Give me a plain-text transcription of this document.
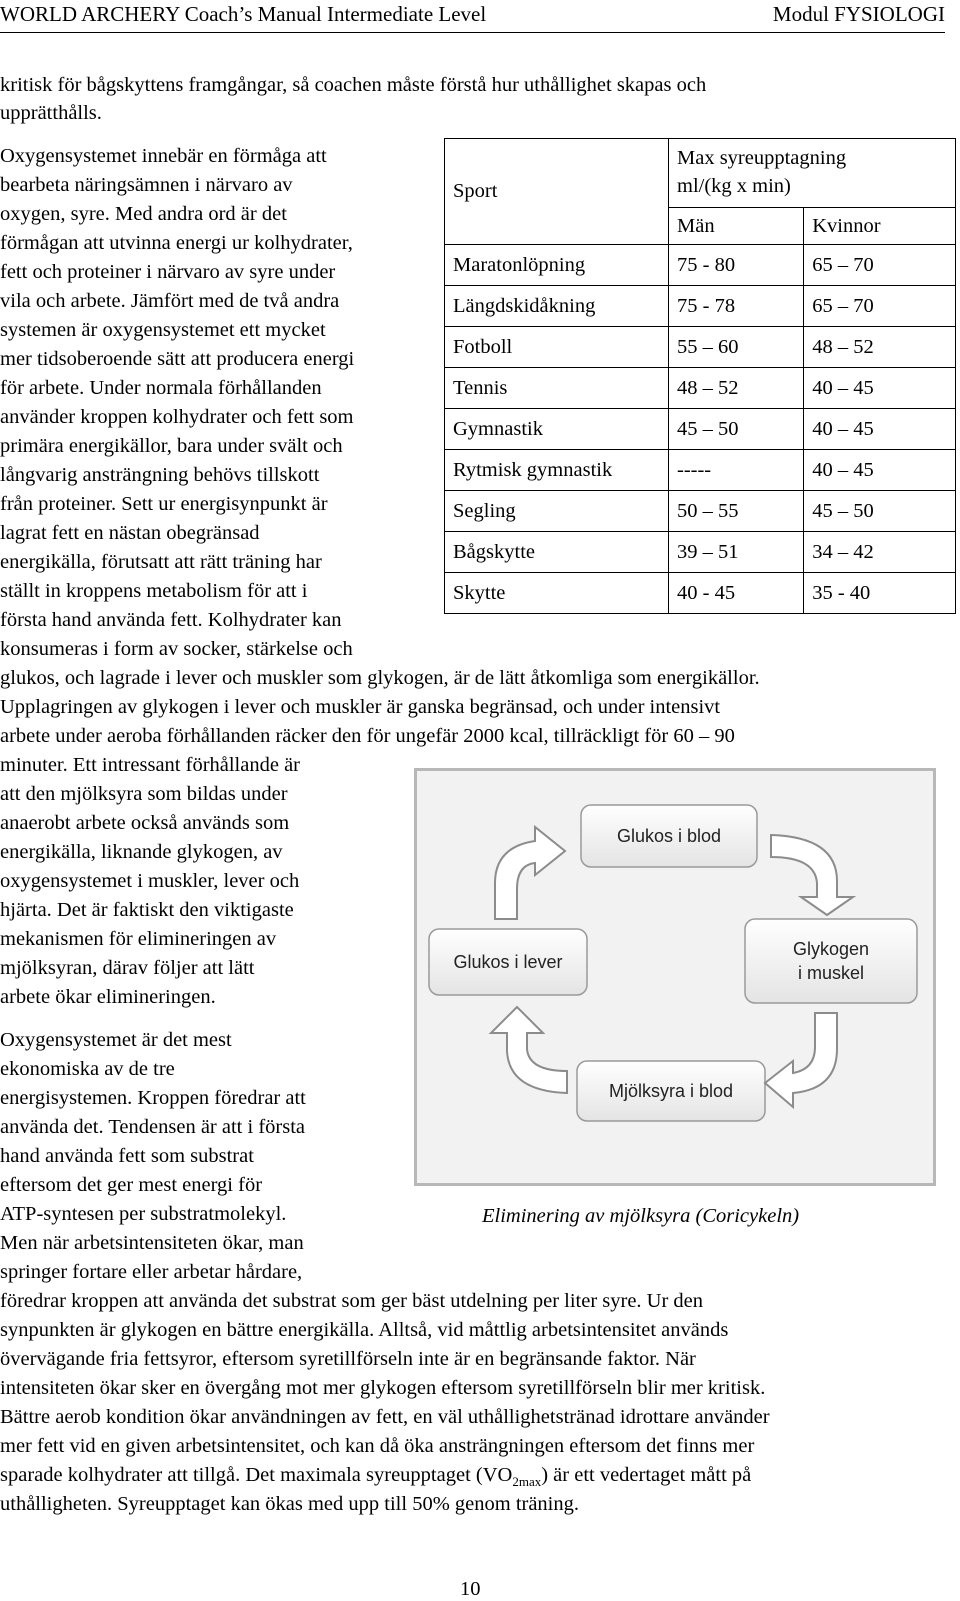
WORLD ARCHERY Coach’s Manual Intermediate Level	Modul FYSIOLOGI
kritisk för bågskyttens framgångar, så coachen måste förstå hur uthållighet skapas och
upprätthålls.
Oxygensystemet innebär en förmåga att
bearbeta näringsämnen i närvaro av
oxygen, syre. Med andra ord är det
förmågan att utvinna energi ur kolhydrater,
fett och proteiner i närvaro av syre under
vila och arbete. Jämfört med de två andra
systemen är oxygensystemet ett mycket
mer tidsoberoende sätt att producera energi
för arbete. Under normala förhållanden
använder kroppen kolhydrater och fett som
primära energikällor, bara under svält och
långvarig ansträngning behövs tillskott
från proteiner. Sett ur energisynpunkt är
lagrat fett en nästan obegränsad
energikälla, förutsatt att rätt träning har
ställt in kroppens metabolism för att i
första hand använda fett. Kolhydrater kan
konsumeras i form av socker, stärkelse och
glukos, och lagrade i lever och muskler som glykogen, är de lätt åtkomliga som energikällor.
Upplagringen av glykogen i lever och muskler är ganska begränsad, och under intensivt
arbete under aeroba förhållanden räcker den för ungefär 2000 kcal, tillräckligt för 60 – 90
minuter. Ett intressant förhållande är
att den mjölksyra som bildas under
anaerobt arbete också används som
energikälla, liknande glykogen, av
oxygensystemet i muskler, lever och
hjärta. Det är faktiskt den viktigaste
mekanismen för elimineringen av
mjölksyran, därav följer att lätt
arbete ökar elimineringen.
Oxygensystemet är det mest
ekonomiska av de tre
energisystemen. Kroppen föredrar att
använda det. Tendensen är att i första
hand använda fett som substrat
eftersom det ger mest energi för
ATP-syntesen per substratmolekyl.
Men när arbetsintensiteten ökar, man
springer fortare eller arbetar hårdare,
föredrar kroppen att använda det substrat som ger bäst utdelning per liter syre. Ur den
synpunkten är glykogen en bättre energikälla. Alltså, vid måttlig arbetsintensitet används
övervägande fria fettsyror, eftersom syretillförseln inte är en begränsande faktor. När
intensiteten ökar sker en övergång mot mer glykogen eftersom syretillförseln blir mer kritisk.
Bättre aerob kondition ökar användningen av fett, en väl uthållighetstränad idrottare använder
mer fett vid en given arbetsintensitet, och kan då öka ansträngningen eftersom det finns mer
sparade kolhydrater att tillgå. Det maximala syreupptaget $(VO_{2max})$ är ett vedertaget mått på
uthålligheten. Syreupptaget kan ökas med upp till 50% genom träning.
Sport	Max syreupptagning
ml/(kg x min)	

	Män	Kvinnor
Maratonlöpning	75 - 80	65 – 70
Längdskidåkning	75 - 78	65 – 70
Fotboll	55 – 60	48 – 52
Tennis	48 – 52	40 – 45
Gymnastik	45 – 50	40 – 45
Rytmisk gymnastik	-----	40 – 45
Segling	50 – 55	45 – 50
Bågskytte	39 – 51	34 – 42
Skytte	40 - 45	35 - 40
Glukos i blod
Glukos i lever
Glykogen
i muskel
Mjölksyra i blod
Eliminering av mjölksyra (Coricykeln)
10
